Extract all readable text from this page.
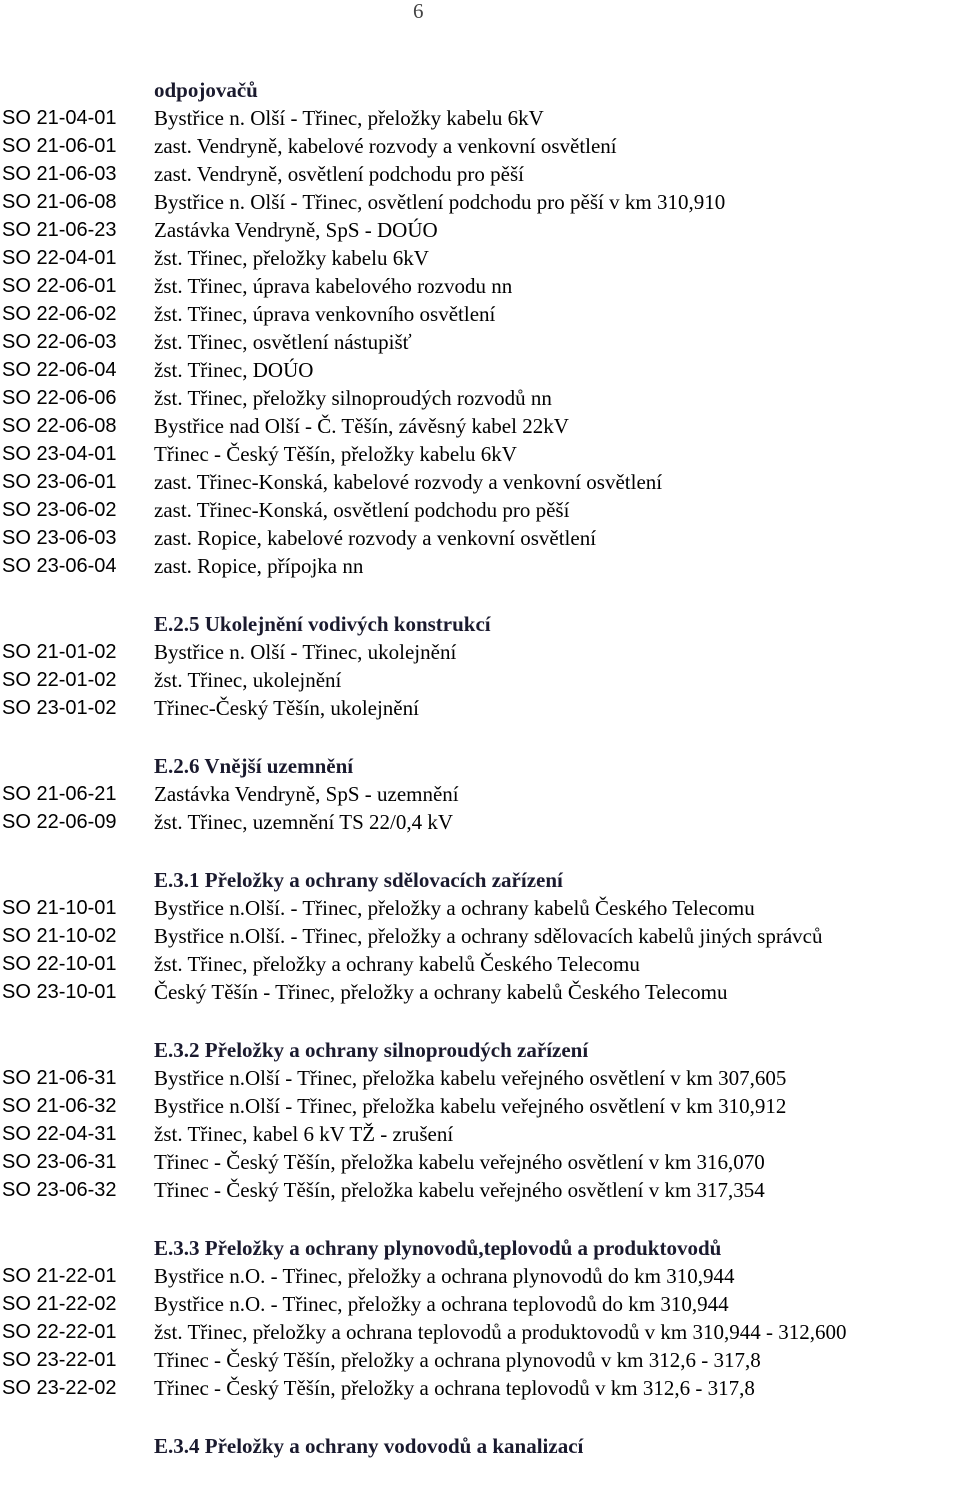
6
odpojovačů
SO 21-04-01	Bystřice n. Olší - Třinec, přeložky kabelu 6kV
SO 21-06-01	zast. Vendryně, kabelové rozvody a venkovní osvětlení
SO 21-06-03	zast. Vendryně, osvětlení podchodu pro pěší
SO 21-06-08	Bystřice n. Olší - Třinec, osvětlení podchodu pro pěší v km 310,910
SO 21-06-23	Zastávka Vendryně, SpS - DOÚO
SO 22-04-01	žst. Třinec, přeložky kabelu 6kV
SO 22-06-01	žst. Třinec, úprava kabelového rozvodu nn
SO 22-06-02	žst. Třinec, úprava venkovního osvětlení
SO 22-06-03	žst. Třinec, osvětlení nástupišť
SO 22-06-04	žst. Třinec, DOÚO
SO 22-06-06	žst. Třinec, přeložky silnoproudých rozvodů nn
SO 22-06-08	Bystřice nad Olší - Č. Těšín, závěsný kabel 22kV
SO 23-04-01	Třinec - Český Těšín, přeložky kabelu 6kV
SO 23-06-01	zast. Třinec-Konská, kabelové rozvody a venkovní osvětlení
SO 23-06-02	zast. Třinec-Konská, osvětlení podchodu pro pěší
SO 23-06-03	zast. Ropice, kabelové rozvody a venkovní osvětlení
SO 23-06-04	zast. Ropice, přípojka nn
E.2.5 Ukolejnění vodivých konstrukcí
SO 21-01-02	Bystřice n. Olší - Třinec, ukolejnění
SO 22-01-02	žst. Třinec, ukolejnění
SO 23-01-02	Třinec-Český Těšín, ukolejnění
E.2.6 Vnější uzemnění
SO 21-06-21	Zastávka Vendryně, SpS - uzemnění
SO 22-06-09	žst. Třinec, uzemnění TS 22/0,4 kV
E.3.1 Přeložky a ochrany sdělovacích zařízení
SO 21-10-01	Bystřice n.Olší. - Třinec, přeložky a ochrany kabelů Českého Telecomu
SO 21-10-02	Bystřice n.Olší. - Třinec, přeložky a ochrany sdělovacích kabelů jiných správců
SO 22-10-01	žst. Třinec, přeložky a ochrany kabelů Českého Telecomu
SO 23-10-01	Český Těšín - Třinec, přeložky a ochrany kabelů Českého Telecomu
E.3.2 Přeložky a ochrany silnoproudých zařízení
SO 21-06-31	Bystřice n.Olší - Třinec, přeložka kabelu veřejného osvětlení v km 307,605
SO 21-06-32	Bystřice n.Olší - Třinec, přeložka kabelu veřejného osvětlení v km 310,912
SO 22-04-31	žst. Třinec, kabel 6 kV TŽ - zrušení
SO 23-06-31	Třinec - Český Těšín, přeložka kabelu veřejného osvětlení v km 316,070
SO 23-06-32	Třinec - Český Těšín, přeložka kabelu veřejného osvětlení v km 317,354
E.3.3 Přeložky a ochrany plynovodů,teplovodů a produktovodů
SO 21-22-01	Bystřice n.O. - Třinec, přeložky a ochrana plynovodů do km 310,944
SO 21-22-02	Bystřice n.O. - Třinec, přeložky a ochrana teplovodů do km 310,944
SO 22-22-01	žst. Třinec, přeložky a ochrana teplovodů a produktovodů v km 310,944 - 312,600
SO 23-22-01	Třinec - Český Těšín, přeložky a ochrana plynovodů v km 312,6 - 317,8
SO 23-22-02	Třinec - Český Těšín, přeložky a ochrana teplovodů v km 312,6 - 317,8
E.3.4 Přeložky a ochrany vodovodů a kanalizací
